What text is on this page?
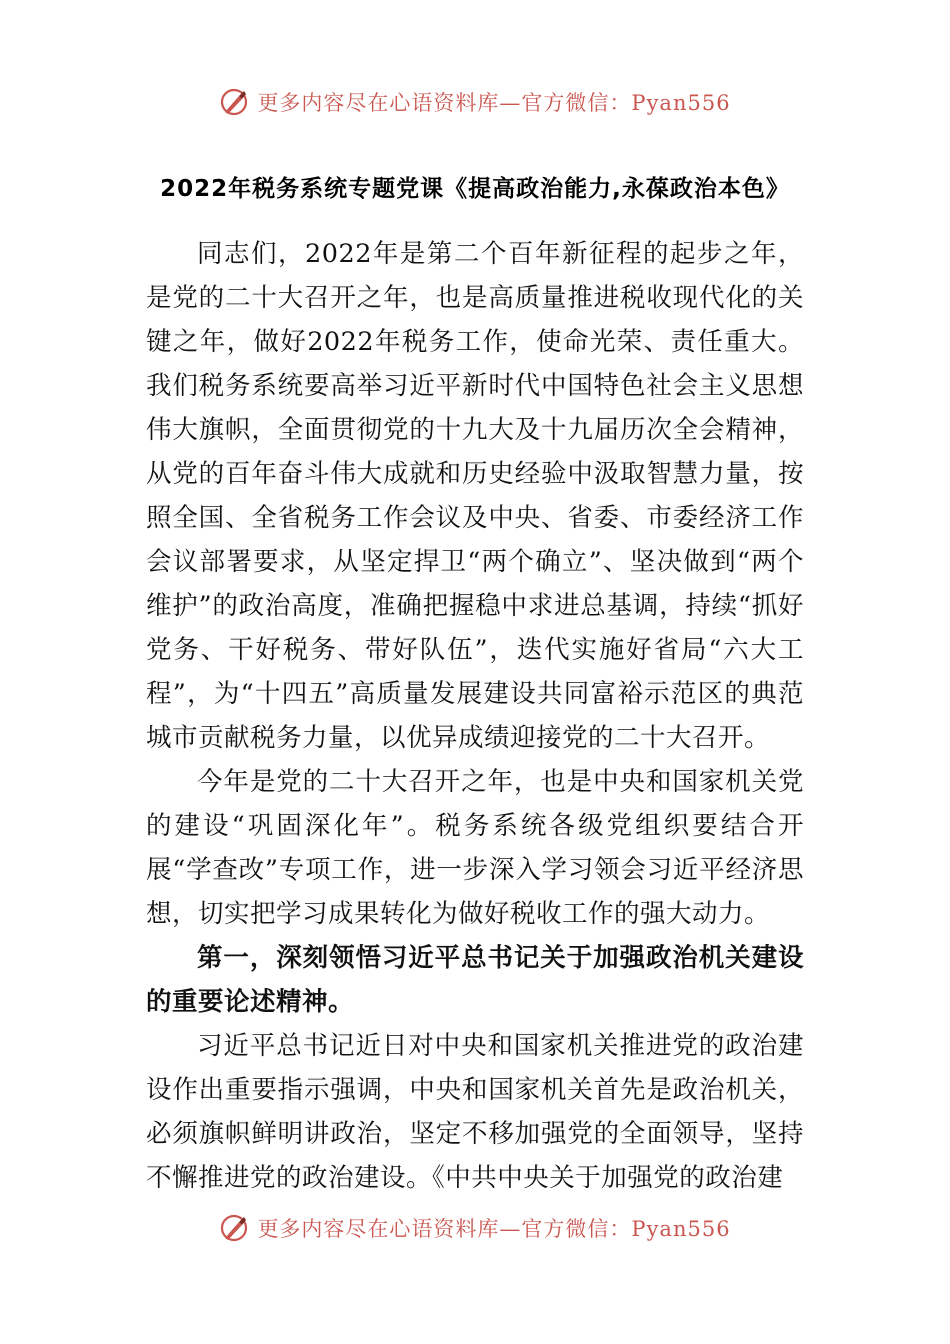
更多内容尽在心语资料库—官方微信：Pyan556
2022年税务系统专题党课《提高政治能力,永葆政治本色》

同志们，2022年是第二个百年新征程的起步之年，是党的二十大召开之年，也是高质量推进税收现代化的关键之年，做好2022年税务工作，使命光荣、责任重大。我们税务系统要高举习近平新时代中国特色社会主义思想伟大旗帜，全面贯彻党的十九大及十九届历次全会精神，从党的百年奋斗伟大成就和历史经验中汲取智慧力量，按照全国、全省税务工作会议及中央、省委、市委经济工作会议部署要求，从坚定捍卫“两个确立”、坚决做到“两个维护”的政治高度，准确把握稳中求进总基调，持续“抓好党务、干好税务、带好队伍”，迭代实施好省局“六大工程”，为“十四五”高质量发展建设共同富裕示范区的典范城市贡献税务力量，以优异成绩迎接党的二十大召开。

今年是党的二十大召开之年，也是中央和国家机关党的建设“巩固深化年”。税务系统各级党组织要结合开展“学查改”专项工作，进一步深入学习领会习近平经济思想，切实把学习成果转化为做好税收工作的强大动力。

第一，深刻领悟习近平总书记关于加强政治机关建设的重要论述精神。

习近平总书记近日对中央和国家机关推进党的政治建设作出重要指示强调，中央和国家机关首先是政治机关，必须旗帜鲜明讲政治，坚定不移加强党的全面领导，坚持不懈推进党的政治建设。《中共中央关于加强党的政治建

更多内容尽在心语资料库—官方微信：Pyan556
